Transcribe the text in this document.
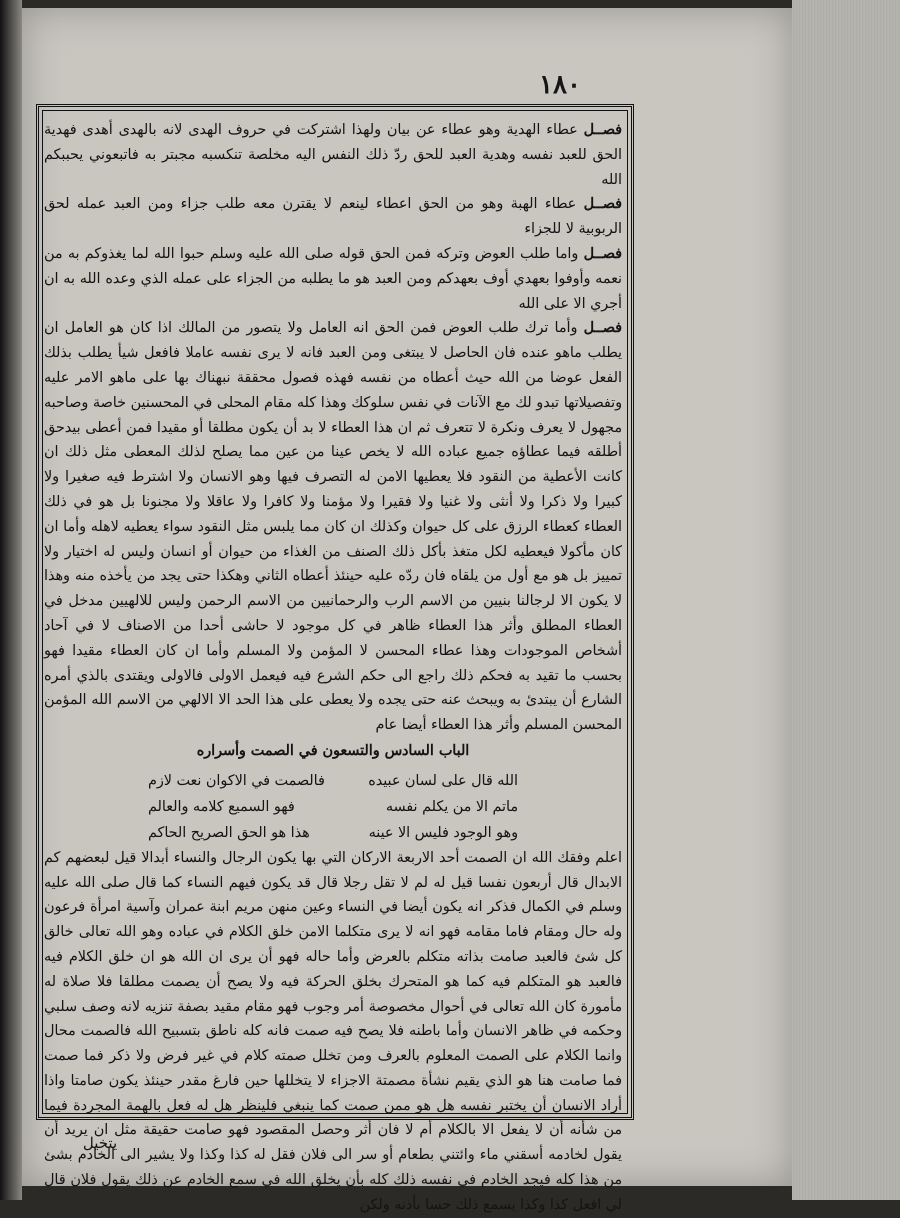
١٨٠

فصــل عطاء الهدية وهو عطاء عن بيان ولهذا اشتركت في حروف الهدى لانه بالهدى أهدى فهدية الحق للعبد نفسه وهدية العبد للحق ردّ ذلك النفس اليه مخلصة تنكسبه مجبتر به فاتبعوني يحببكم الله

فصــل عطاء الهبة وهو من الحق اعطاء لينعم لا يقترن معه طلب جزاء ومن العبد عمله لحق الربوبية لا للجزاء

فصــل واما طلب العوض وتركه فمن الحق قوله صلى الله عليه وسلم حبوا الله لما يغذوكم به من نعمه وأوفوا بعهدي أوف بعهدكم ومن العبد هو ما يطلبه من الجزاء على عمله الذي وعده الله به ان أجري الا على الله

فصــل وأما ترك طلب العوض فمن الحق انه العامل ولا يتصور من المالك اذا كان هو العامل ان يطلب ماهو عنده فان الحاصل لا يبتغى ومن العبد فانه لا يرى نفسه عاملا فافعل شيأ يطلب بذلك الفعل عوضا من الله حيث أعطاه من نفسه فهذه فصول محققة نبهناك بها على ماهو الامر عليه وتفصيلاتها تبدو لك مع الآنات في نفس سلوكك وهذا كله مقام المحلى في المحسنين خاصة وصاحبه مجهول لا يعرف ونكرة لا تتعرف ثم ان هذا العطاء لا بد أن يكون مطلقا أو مقيدا فمن أعطى بيدحق أطلقه فيما عطاؤه جميع عباده الله لا يخص عينا من عين مما يصلح لذلك المعطى مثل ذلك ان كانت الأعطية من النقود فلا يعطيها الامن له التصرف فيها وهو الانسان ولا اشترط فيه صغيرا ولا كبيرا ولا ذكرا ولا أنثى ولا غنيا ولا فقيرا ولا مؤمنا ولا كافرا ولا عاقلا ولا مجنونا بل هو في ذلك العطاء كعطاء الرزق على كل حيوان وكذلك ان كان مما يلبس مثل النقود سواء يعطيه لاهله وأما ان كان مأكولا فيعطيه لكل متغذ بأكل ذلك الصنف من الغذاء من حيوان أو انسان وليس له اختيار ولا تمييز بل هو مع أول من يلقاه فان ردّه عليه حينئذ أعطاه الثاني وهكذا حتى يجد من يأخذه منه وهذا لا يكون الا لرجالنا بنيين من الاسم الرب والرحمانيين من الاسم الرحمن وليس للالهيين مدخل في العطاء المطلق وأثر هذا العطاء ظاهر في كل موجود لا حاشى أحدا من الاصناف لا في آحاد أشخاص الموجودات وهذا عطاء المحسن لا المؤمن ولا المسلم وأما ان كان العطاء مقيدا فهو بحسب ما تقيد به فحكم ذلك راجع الى حكم الشرع فيه فيعمل الاولى فالاولى ويقتدى بالذي أمره الشارع أن يبتدئ به ويبحث عنه حتى يجده ولا يعطى على هذا الحد الا الالهي من الاسم الله المؤمن المحسن المسلم وأثر هذا العطاء أيضا عام

الباب السادس والتسعون في الصمت وأسراره
الله قال على لسان عبيده
فالصمت في الاكوان نعت لازم
ماتم الا من يكلم نفسه
فهو السميع كلامه والعالم
وهو الوجود فليس الا عينه
هذا هو الحق الصريح الحاكم

اعلم وفقك الله ان الصمت أحد الاربعة الاركان التي بها يكون الرجال والنساء أبدالا قيل لبعضهم كم الابدال قال أربعون نفسا قيل له لم لا تقل رجلا قال قد يكون فيهم النساء كما قال صلى الله عليه وسلم في الكمال فذكر انه يكون أيضا في النساء وعين منهن مريم ابنة عمران وآسية امرأة فرعون وله حال ومقام فاما مقامه فهو انه لا يرى متكلما الامن خلق الكلام في عباده وهو الله تعالى خالق كل شئ فالعبد صامت بذاته متكلم بالعرض وأما حاله فهو أن يرى ان الله هو ان خلق الكلام فيه فالعبد هو المتكلم فيه كما هو المتحرك بخلق الحركة فيه ولا يصح أن يصمت مطلقا فلا صلاة له مأمورة كان الله تعالى في أحوال مخصوصة أمر وجوب فهو مقام مقيد بصفة تنزيه لانه وصف سلبي وحكمه في ظاهر الانسان وأما باطنه فلا يصح فيه صمت فانه كله ناطق بتسبيح الله فالصمت محال وانما الكلام على الصمت المعلوم بالعرف ومن تخلل صمته كلام في غير فرض ولا ذكر فما صمت فما صامت هنا هو الذي يقيم نشأة مصمتة الاجزاء لا يتخللها حين فارغ مقدر حينئذ يكون صامتا واذا أراد الانسان أن يختبر نفسه هل هو ممن صمت كما ينبغي فلينظر هل له فعل بالهمة المجردة فيما من شأنه أن لا يفعل الا بالكلام أم لا فان أثر وحصل المقصود فهو صامت حقيقة مثل ان يريد أن يقول لخادمه أسقني ماء وائتني بطعام أو سر الى فلان فقل له كذا وكذا ولا يشير الى الخادم بشئ من هذا كله فيجد الخادم في نفسه ذلك كله بأن يخلق الله في سمع الخادم عن ذلك يقول فلان قال لي افعل كذا وكذا يسمع ذلك حسا بأذنه ولكن

يتخيل
